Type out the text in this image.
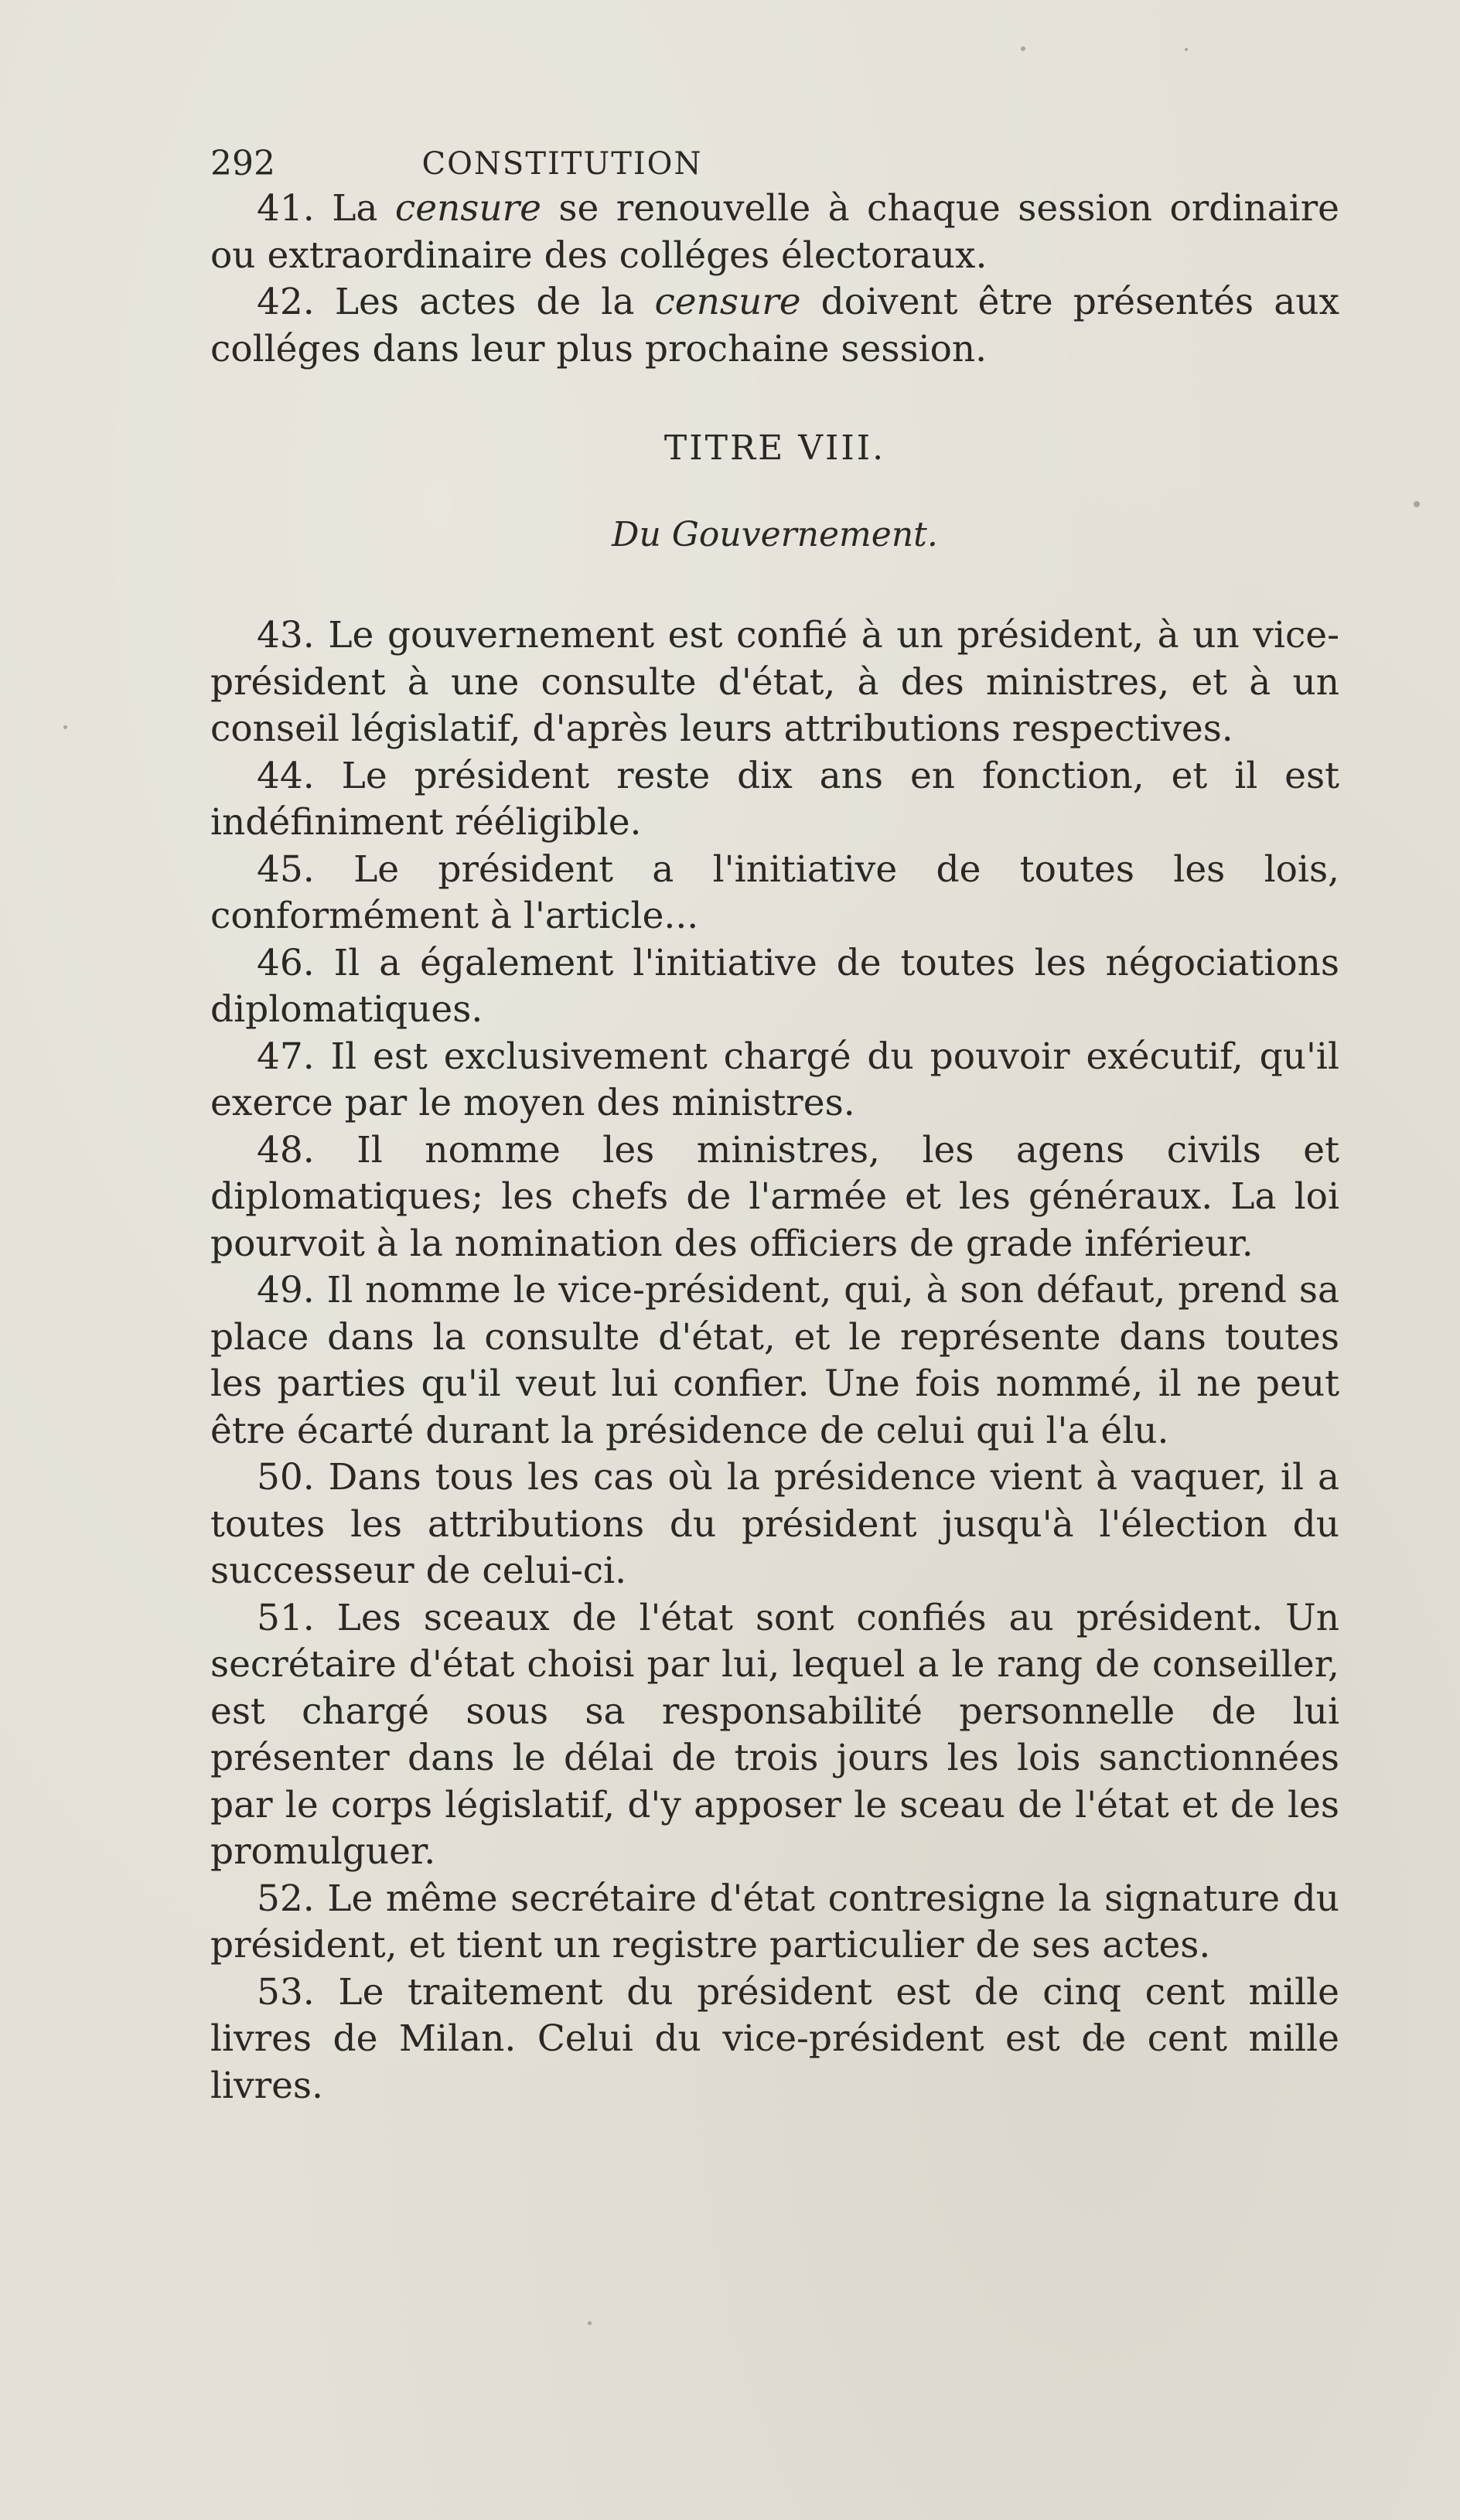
292	CONSTITUTION

41. La censure se renouvelle à chaque session ordinaire ou extraordinaire des colléges électoraux.

42. Les actes de la censure doivent être présentés aux colléges dans leur plus prochaine session.

TITRE VIII.
Du Gouvernement.

43. Le gouvernement est confié à un président, à un vice-président à une consulte d'état, à des ministres, et à un conseil législatif, d'après leurs attributions respectives.

44. Le président reste dix ans en fonction, et il est indéfiniment rééligible.

45. Le président a l'initiative de toutes les lois, conformément à l'article...

46. Il a également l'initiative de toutes les négociations diplomatiques.

47. Il est exclusivement chargé du pouvoir exécutif, qu'il exerce par le moyen des ministres.

48. Il nomme les ministres, les agens civils et diplomatiques; les chefs de l'armée et les généraux. La loi pourvoit à la nomination des officiers de grade inférieur.

49. Il nomme le vice-président, qui, à son défaut, prend sa place dans la consulte d'état, et le représente dans toutes les parties qu'il veut lui confier. Une fois nommé, il ne peut être écarté durant la présidence de celui qui l'a élu.

50. Dans tous les cas où la présidence vient à vaquer, il a toutes les attributions du président jusqu'à l'élection du successeur de celui-ci.

51. Les sceaux de l'état sont confiés au président. Un secrétaire d'état choisi par lui, lequel a le rang de conseiller, est chargé sous sa responsabilité personnelle de lui présenter dans le délai de trois jours les lois sanctionnées par le corps législatif, d'y apposer le sceau de l'état et de les promulguer.

52. Le même secrétaire d'état contresigne la signature du président, et tient un registre particulier de ses actes.

53. Le traitement du président est de cinq cent mille livres de Milan. Celui du vice-président est de cent mille livres.
